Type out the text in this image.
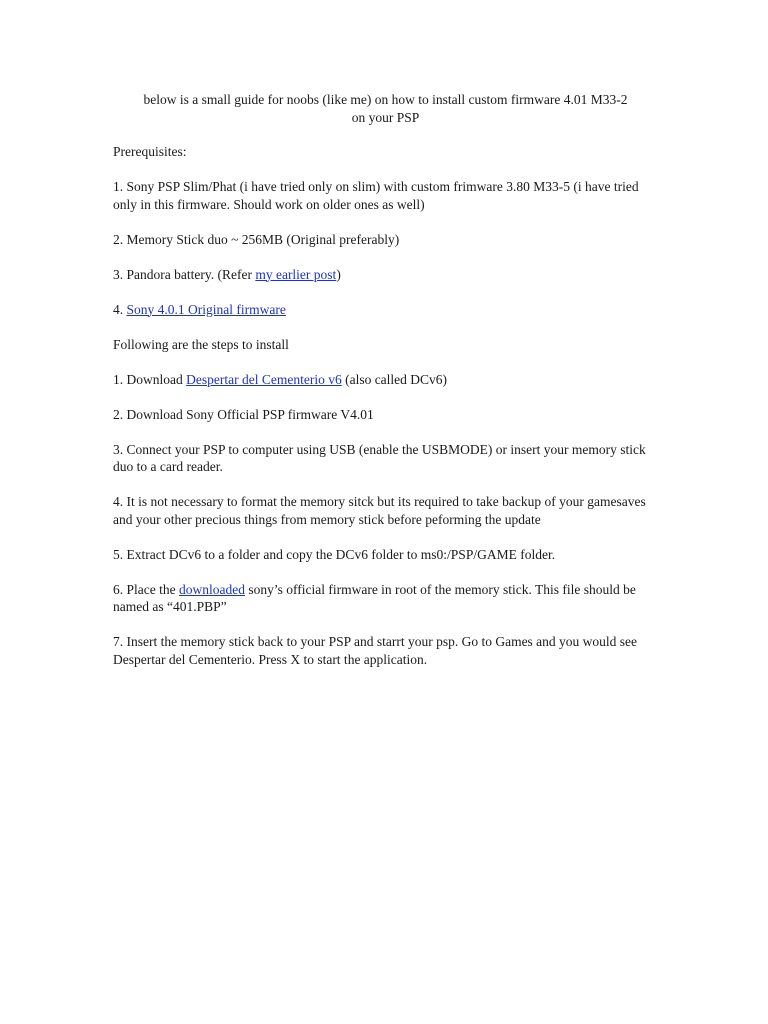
below is a small guide for noobs (like me) on how to install custom firmware 4.01 M33-2
on your PSP

Prerequisites:

1. Sony PSP Slim/Phat (i have tried only on slim) with custom frimware 3.80 M33-5 (i have tried only in this firmware. Should work on older ones as well)

2. Memory Stick duo ~ 256MB (Original preferably)

3. Pandora battery. (Refer my earlier post)

4. Sony 4.0.1 Original firmware

Following are the steps to install

1. Download Despertar del Cementerio v6 (also called DCv6)

2. Download Sony Official PSP firmware V4.01

3. Connect your PSP to computer using USB (enable the USBMODE) or insert your memory stick duo to a card reader.

4. It is not necessary to format the memory sitck but its required to take backup of your gamesaves and your other precious things from memory stick before peforming the update

5. Extract DCv6 to a folder and copy the DCv6 folder to ms0:/PSP/GAME folder.

6. Place the downloaded sony’s official firmware in root of the memory stick. This file should be named as “401.PBP”

7. Insert the memory stick back to your PSP and starrt your psp. Go to Games and you would see Despertar del Cementerio. Press X to start the application.
